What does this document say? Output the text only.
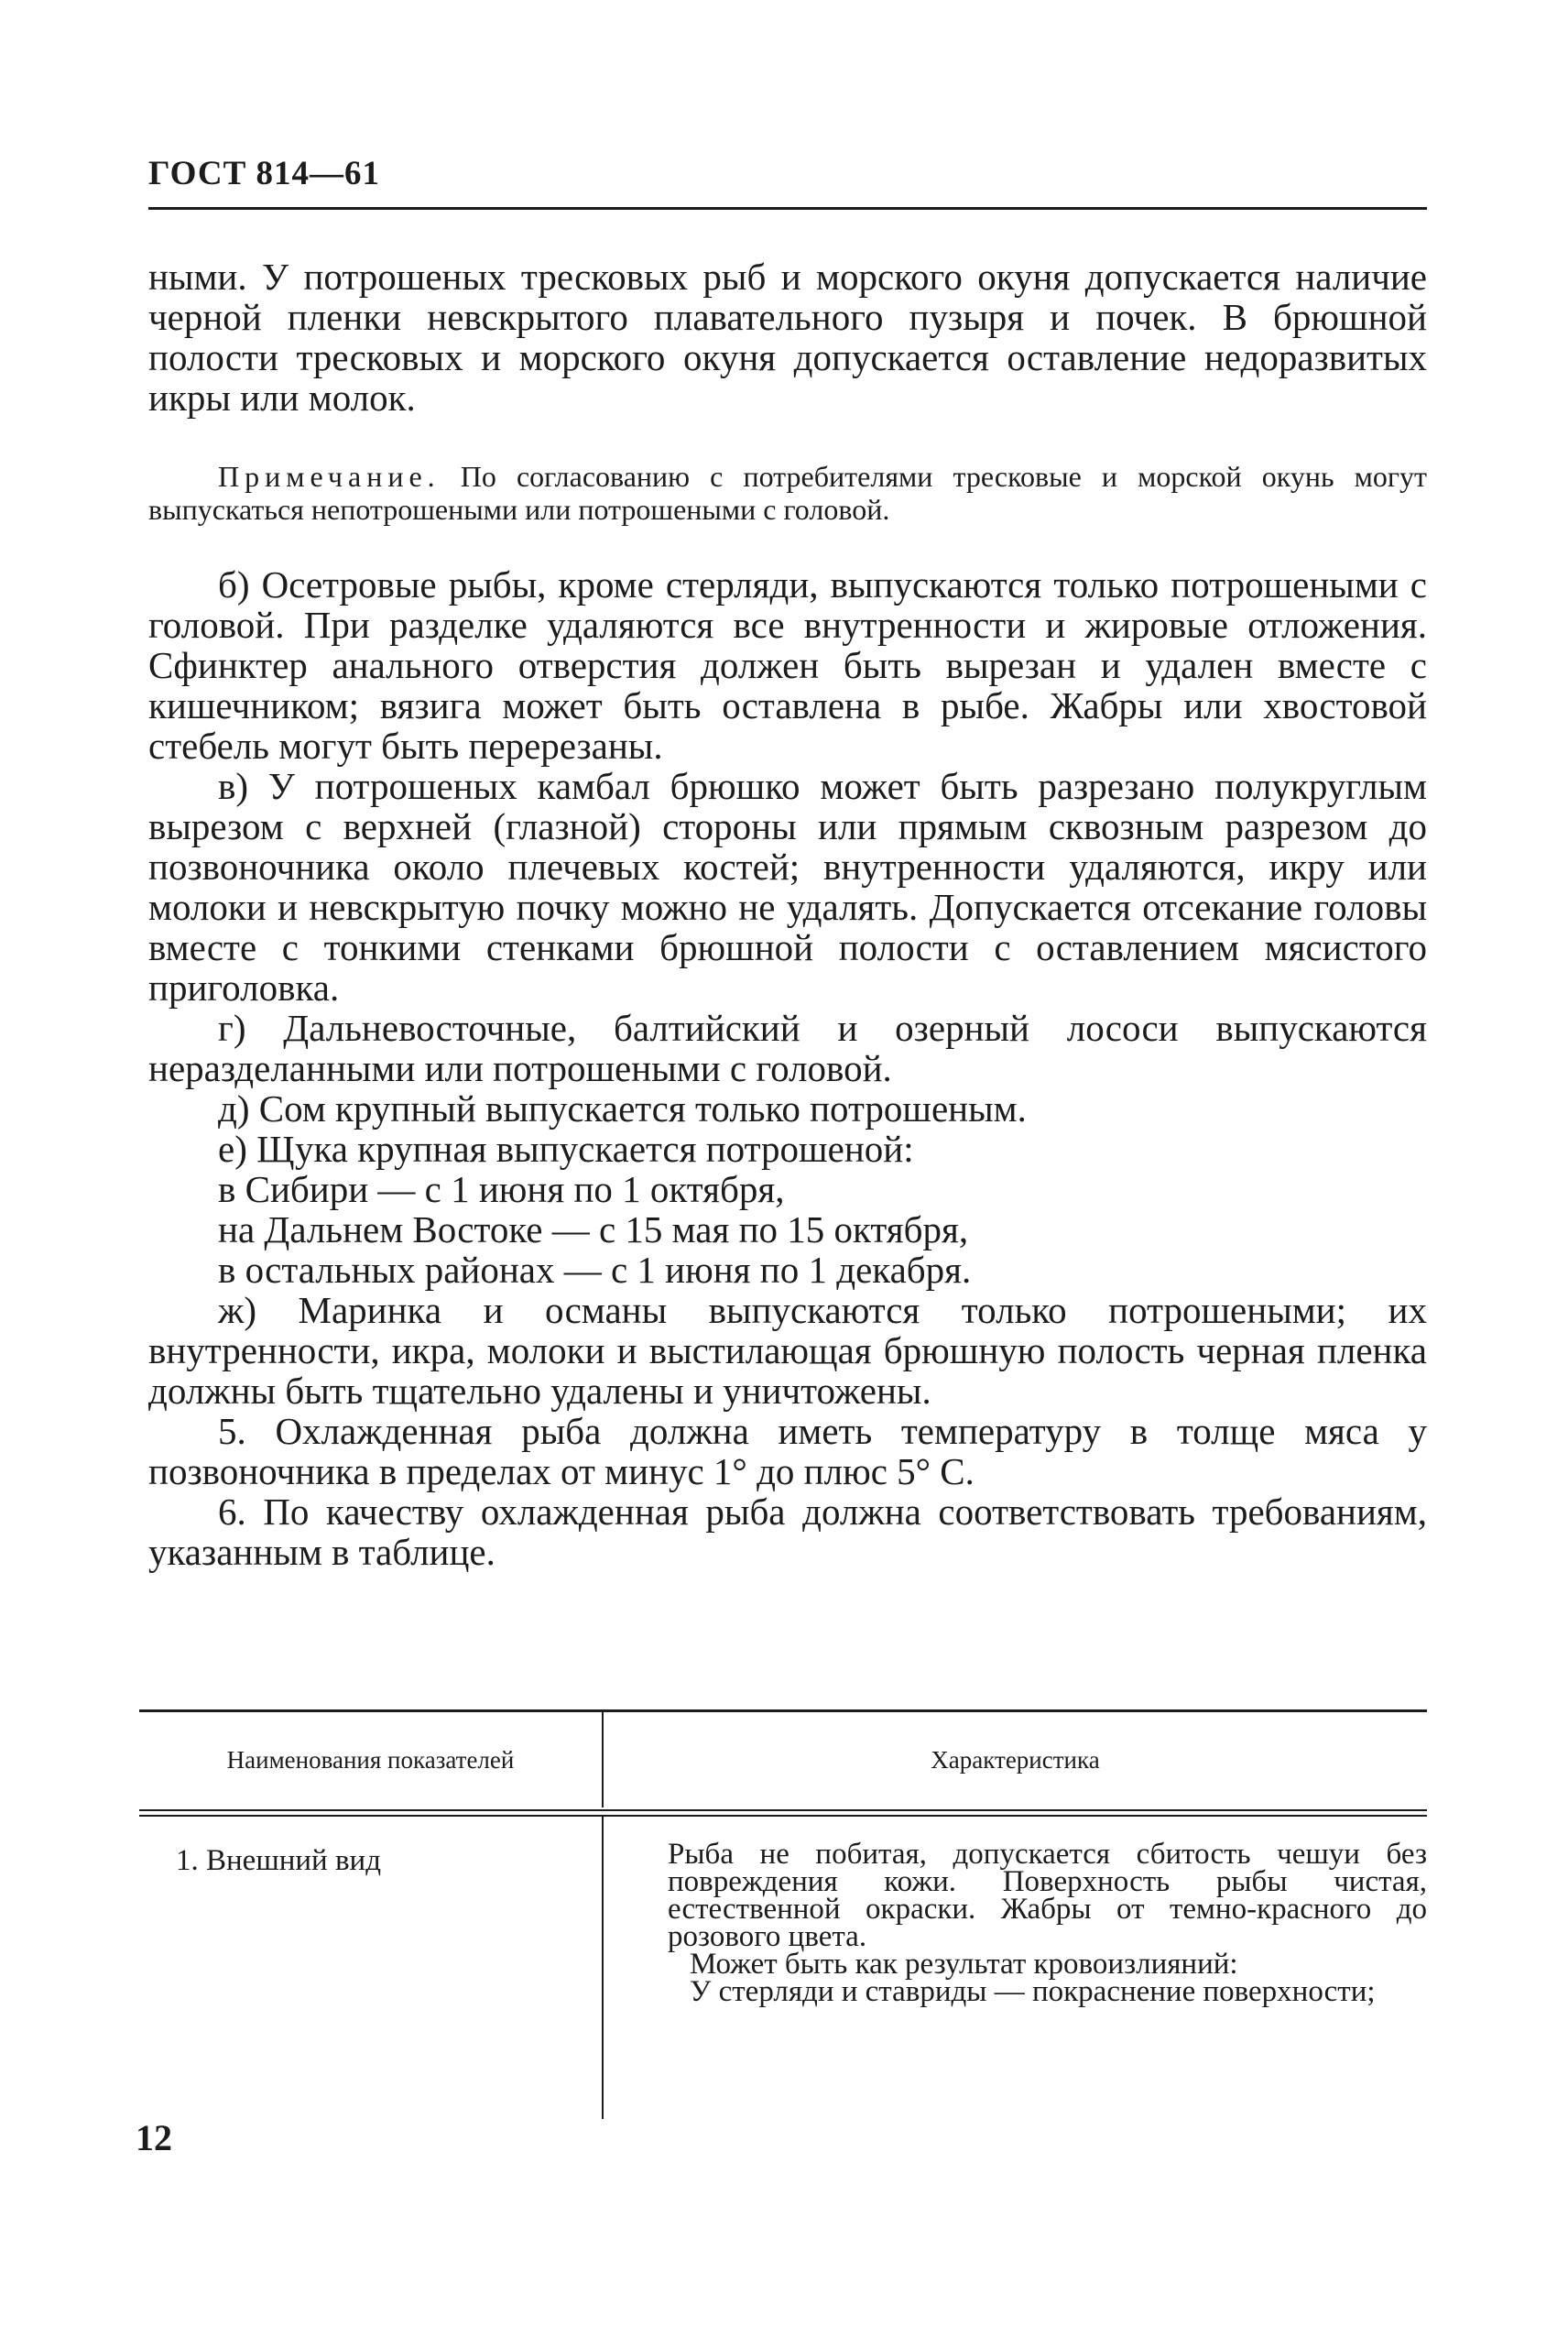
ГОСТ 814—61

ными. У потрошеных тресковых рыб и морского окуня допускается наличие черной пленки невскрытого плавательного пузыря и почек. В брюшной полости тресковых и морского окуня допускается оставление недоразвитых икры или молок.

Примечание. По согласованию с потребителями тресковые и морской окунь могут выпускаться непотрошеными или потрошеными с головой.

б) Осетровые рыбы, кроме стерляди, выпускаются только потрошеными с головой. При разделке удаляются все внутренности и жировые отложения. Сфинктер анального отверстия должен быть вырезан и удален вместе с кишечником; вязига может быть оставлена в рыбе. Жабры или хвостовой стебель могут быть перерезаны.

в) У потрошеных камбал брюшко может быть разрезано полукруглым вырезом с верхней (глазной) стороны или прямым сквозным разрезом до позвоночника около плечевых костей; внутренности удаляются, икру или молоки и невскрытую почку можно не удалять. Допускается отсекание головы вместе с тонкими стенками брюшной полости с оставлением мясистого приголовка.

г) Дальневосточные, балтийский и озерный лососи выпускаются неразделанными или потрошеными с головой.

д) Сом крупный выпускается только потрошеным.

е) Щука крупная выпускается потрошеной:

в Сибири — с 1 июня по 1 октября,

на Дальнем Востоке — с 15 мая по 15 октября,

в остальных районах — с 1 июня по 1 декабря.

ж) Маринка и османы выпускаются только потрошеными; их внутренности, икра, молоки и выстилающая брюшную полость черная пленка должны быть тщательно удалены и уничтожены.

5. Охлажденная рыба должна иметь температуру в толще мяса у позвоночника в пределах от минус 1° до плюс 5° С.

6. По качеству охлажденная рыба должна соответствовать требованиям, указанным в таблице.

Наименования показателей	Характеристика
1. Внешний вид	Рыба не побитая, допускается сбитость чешуи без повреждения кожи. Поверхность рыбы чистая, естественной окраски. Жабры от темно-красного до розового цвета.

Может быть как результат кровоизлияний:

У стерляди и ставриды — покраснение поверхности;

12
